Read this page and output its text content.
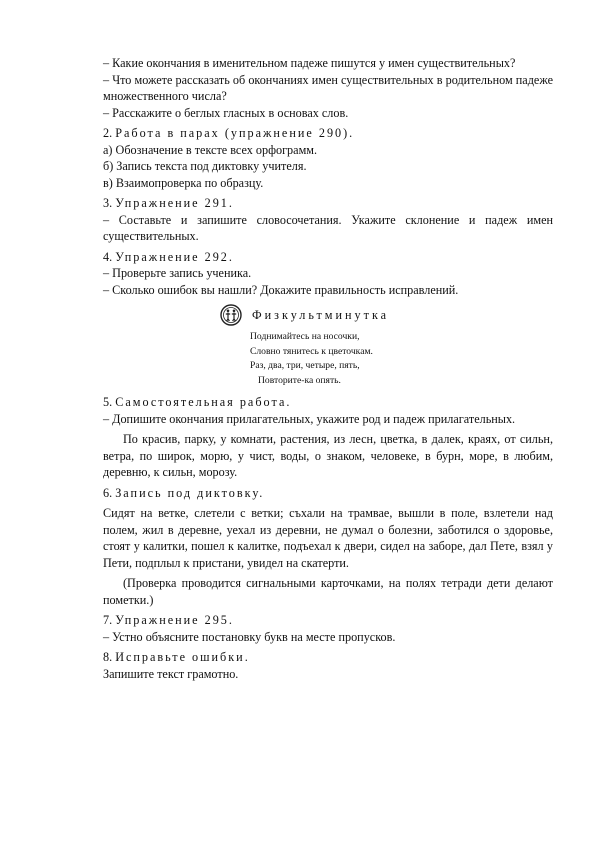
– Какие окончания в именительном падеже пишутся у имен существительных?

– Что можете рассказать об окончаниях имен существительных в родительном падеже множественного числа?

– Расскажите о беглых гласных в основах слов.

2. Работа в парах (упражнение 290).

а) Обозначение в тексте всех орфограмм.

б) Запись текста под диктовку учителя.

в) Взаимопроверка по образцу.

3. Упражнение 291.

– Составьте и запишите словосочетания. Укажите склонение и падеж имен существительных.

4. Упражнение 292.

– Проверьте запись ученика.

– Сколько ошибок вы нашли? Докажите правильность исправлений.

Физкультминутка

Поднимайтесь на носочки,

Словно тянитесь к цветочкам.

Раз, два, три, четыре, пять,

Повторите-ка опять.

5. Самостоятельная работа.

– Допишите окончания прилагательных, укажите род и падеж прилагательных.

По красив, парку, у комнати, растения, из лесн, цветка, в далек, краях, от сильн, ветра, по широк, морю, у чист, воды, о знаком, человеке, в бурн, море, в любим, деревню, к сильн, морозу.

6. Запись под диктовку.

Сидят на ветке, слетели с ветки; съхали на трамвае, вышли в поле, взлетели над полем, жил в деревне, уехал из деревни, не думал о болезни, заботился о здоровье, стоят у калитки, пошел к калитке, подъехал к двери, сидел на заборе, дал Пете, взял у Пети, подплыл к пристани, увидел на скатерти.

(Проверка проводится сигнальными карточками, на полях тетради дети делают пометки.)

7. Упражнение 295.

– Устно объясните постановку букв на месте пропусков.

8. Исправьте ошибки.

Запишите текст грамотно.
